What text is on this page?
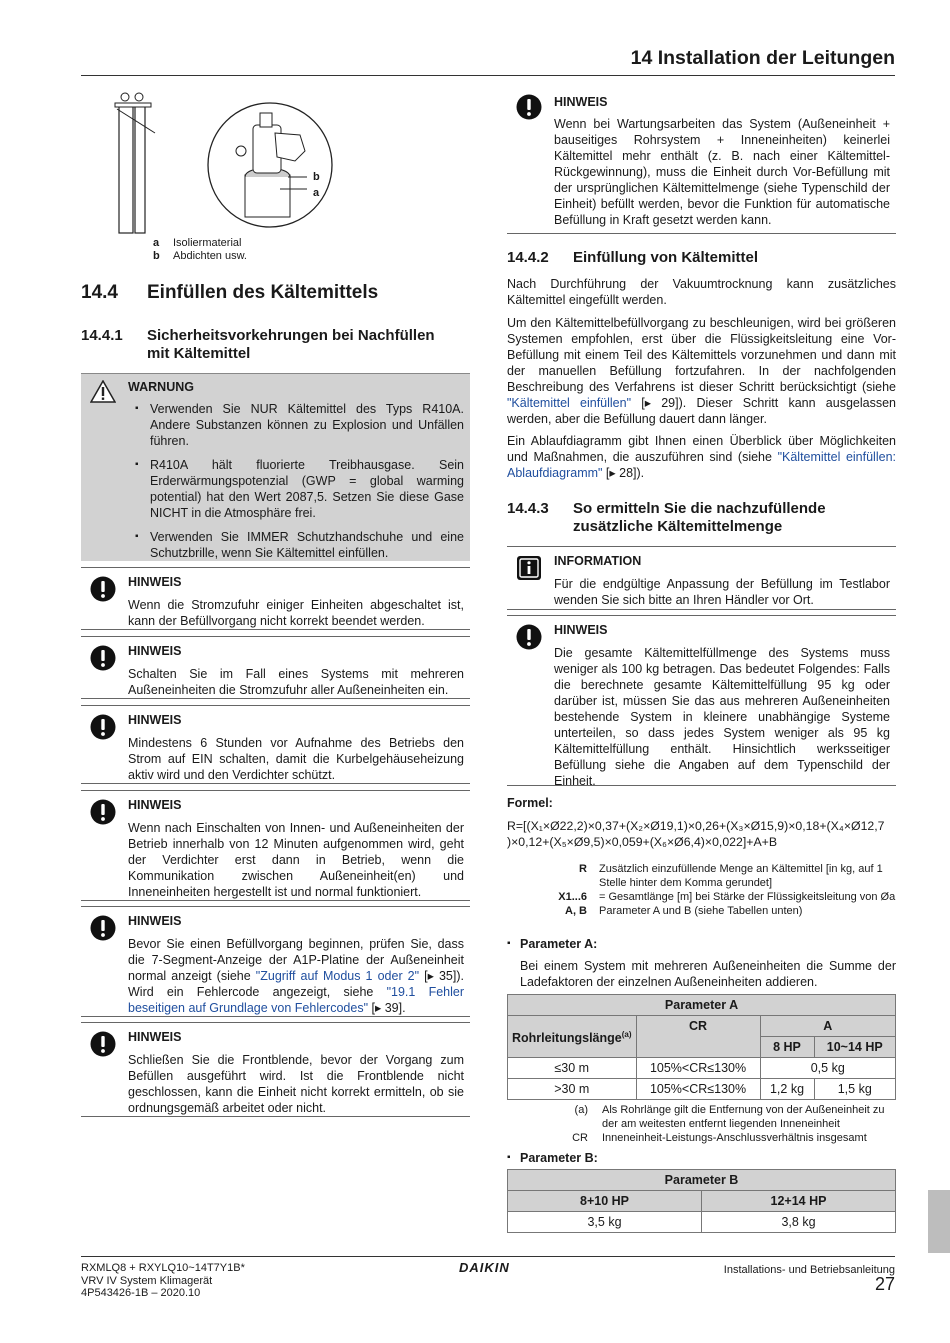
14 Installation der Leitungen
b
a
a	Isoliermaterial
b	Abdichten usw.
14.4	Einfüllen des Kältemittels
14.4.1	Sicherheitsvorkehrungen bei Nachfüllen
mit Kältemittel
WARNUNG
▪ Verwenden Sie NUR Kältemittel des Typs R410A. Andere Substanzen können zu Explosion und Unfällen führen.
▪ R410A hält fluorierte Treibhausgase. Sein Erderwärmungspotenzial (GWP = global warming potential) hat den Wert 2087,5. Setzen Sie diese Gase NICHT in die Atmosphäre frei.
▪ Verwenden Sie IMMER Schutzhandschuhe und eine Schutzbrille, wenn Sie Kältemittel einfüllen.
HINWEIS
Wenn die Stromzufuhr einiger Einheiten abgeschaltet ist, kann der Befüllvorgang nicht korrekt beendet werden.
HINWEIS
Schalten Sie im Fall eines Systems mit mehreren Außeneinheiten die Stromzufuhr aller Außeneinheiten ein.
HINWEIS
Mindestens 6 Stunden vor Aufnahme des Betriebs den Strom auf EIN schalten, damit die Kurbelgehäuseheizung aktiv wird und den Verdichter schützt.
HINWEIS
Wenn nach Einschalten von Innen- und Außeneinheiten der Betrieb innerhalb von 12 Minuten aufgenommen wird, geht der Verdichter erst dann in Betrieb, wenn die Kommunikation zwischen Außeneinheit(en) und Inneneinheiten hergestellt ist und normal funktioniert.
HINWEIS
Bevor Sie einen Befüllvorgang beginnen, prüfen Sie, dass die 7-Segment-Anzeige der A1P-Platine der Außeneinheit normal anzeigt (siehe "Zugriff auf Modus 1 oder 2" [▸ 35]). Wird ein Fehlercode angezeigt, siehe "19.1 Fehler beseitigen auf Grundlage von Fehlercodes" [▸ 39].
HINWEIS
Schließen Sie die Frontblende, bevor der Vorgang zum Befüllen ausgeführt wird. Ist die Frontblende nicht geschlossen, kann die Einheit nicht korrekt ermitteln, ob sie ordnungsgemäß arbeitet oder nicht.
HINWEIS
Wenn bei Wartungsarbeiten das System (Außeneinheit + bauseitiges Rohrsystem + Inneneinheiten) keinerlei Kältemittel mehr enthält (z. B. nach einer Kältemittel-Rückgewinnung), muss die Einheit durch Vor-Befüllung mit der ursprünglichen Kältemittelmenge (siehe Typenschild der Einheit) befüllt werden, bevor die Funktion für automatische Befüllung in Kraft gesetzt werden kann.
14.4.2	Einfüllung von Kältemittel
Nach Durchführung der Vakuumtrocknung kann zusätzliches Kältemittel eingefüllt werden.
Um den Kältemittelbefüllvorgang zu beschleunigen, wird bei größeren Systemen empfohlen, erst über die Flüssigkeitsleitung eine Vor-Befüllung mit einem Teil des Kältemittels vorzunehmen und dann mit der manuellen Befüllung fortzufahren. In der nachfolgenden Beschreibung des Verfahrens ist dieser Schritt berücksichtigt (siehe "Kältemittel einfüllen" [▸ 29]). Dieser Schritt kann ausgelassen werden, aber die Befüllung dauert dann länger.
Ein Ablaufdiagramm gibt Ihnen einen Überblick über Möglichkeiten und Maßnahmen, die auszuführen sind (siehe "Kältemittel einfüllen: Ablaufdiagramm" [▸ 28]).
14.4.3	So ermitteln Sie die nachzufüllende
zusätzliche Kältemittelmenge
INFORMATION
Für die endgültige Anpassung der Befüllung im Testlabor wenden Sie sich bitte an Ihren Händler vor Ort.
HINWEIS
Die gesamte Kältemittelfüllmenge des Systems muss weniger als 100 kg betragen. Das bedeutet Folgendes: Falls die berechnete gesamte Kältemittelfüllung 95 kg oder darüber ist, müssen Sie das aus mehreren Außeneinheiten bestehende System in kleinere unabhängige Systeme unterteilen, so dass jedes System weniger als 95 kg Kältemittelfüllung enthält. Hinsichtlich werksseitiger Befüllung siehe die Angaben auf dem Typenschild der Einheit.
Formel:
R=[(X₁×Ø22,2)×0,37+(X₂×Ø19,1)×0,26+(X₃×Ø15,9)×0,18+(X₄×Ø12,7
)×0,12+(X₅×Ø9,5)×0,059+(X₆×Ø6,4)×0,022]+A+B
R	Zusätzlich einzufüllende Menge an Kältemittel [in kg, auf 1 Stelle hinter dem Komma gerundet]
X1...6	= Gesamtlänge [m] bei Stärke der Flüssigkeitsleitung von Øa
A, B	Parameter A und B (siehe Tabellen unten)
▪ Parameter A:
Bei einem System mit mehreren Außeneinheiten die Summe der Ladefaktoren der einzelnen Außeneinheiten addieren.
Parameter A			
Rohrleitungslänge$^{(a)}$	CR	A	
		8 HP	10~14 HP
≤30 m	105%<CR≤130%	0,5 kg	
>30 m	105%<CR≤130%	1,2 kg	1,5 kg
(a)	Als Rohrlänge gilt die Entfernung von der Außeneinheit zu der am weitesten entfernt liegenden Inneneinheit
CR	Inneneinheit-Leistungs-Anschlussverhältnis insgesamt
▪ Parameter B:
Parameter B	
8+10 HP	12+14 HP
3,5 kg	3,8 kg
RXMLQ8 + RXYLQ10~14T7Y1B*
VRV IV System Klimagerät
4P543426-1B – 2020.10
DAIKIN	Installations- und Betriebsanleitung
27
